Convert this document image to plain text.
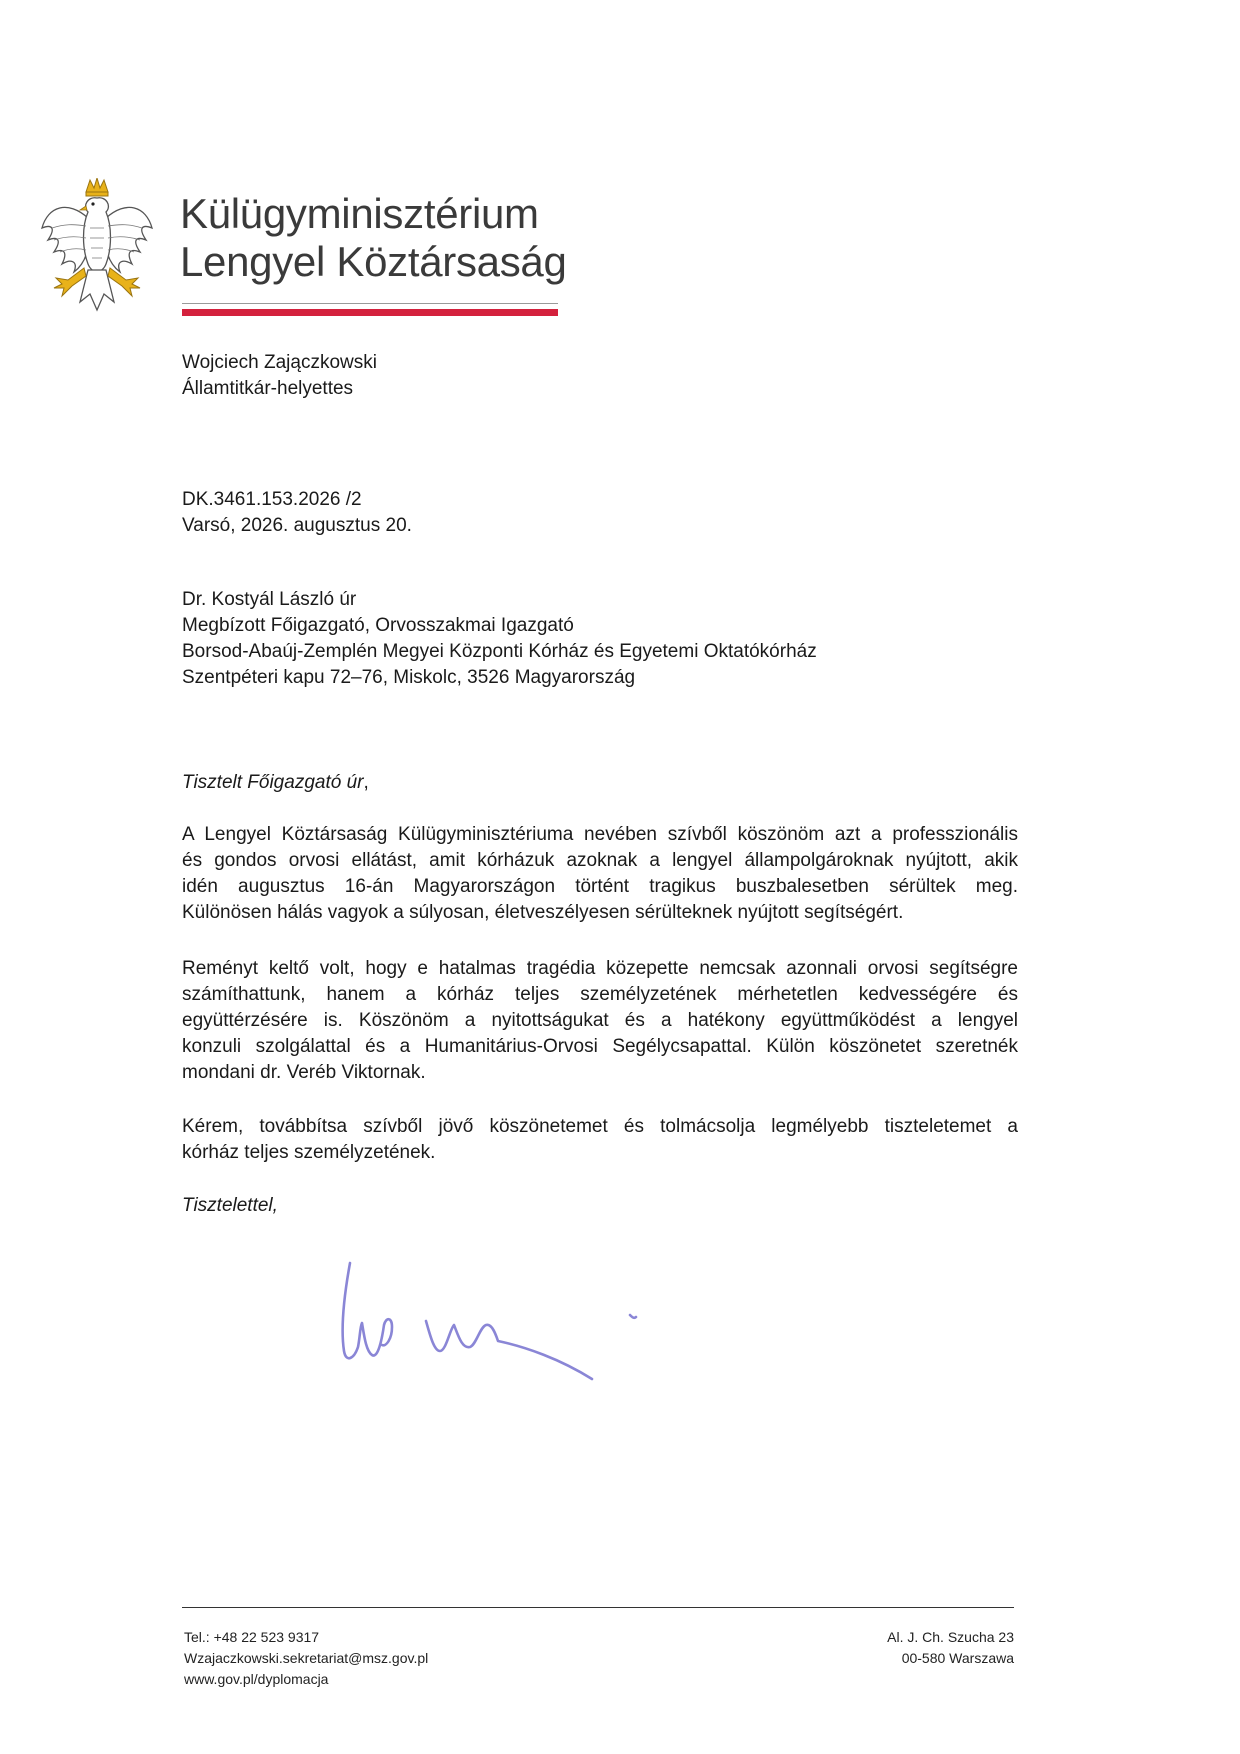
Külügyminisztérium
Lengyel Köztársaság
Wojciech Zajączkowski
Államtitkár-helyettes
DK.3461.153.2026 /2
Varsó, 2026. augusztus 20.
Dr. Kostyál László úr
Megbízott Főigazgató, Orvosszakmai Igazgató
Borsod-Abaúj-Zemplén Megyei Központi Kórház és Egyetemi Oktatókórház
Szentpéteri kapu 72–76, Miskolc, 3526 Magyarország
Tisztelt Főigazgató úr,
A Lengyel Köztársaság Külügyminisztériuma nevében szívből köszönöm azt a professzionális
és gondos orvosi ellátást, amit kórházuk azoknak a lengyel állampolgároknak nyújtott, akik
idén augusztus 16-án Magyarországon történt tragikus buszbalesetben sérültek meg.
Különösen hálás vagyok a súlyosan, életveszélyesen sérülteknek nyújtott segítségért.
Reményt keltő volt, hogy e hatalmas tragédia közepette nemcsak azonnali orvosi segítségre
számíthattunk, hanem a kórház teljes személyzetének mérhetetlen kedvességére és
együttérzésére is. Köszönöm a nyitottságukat és a hatékony együttműködést a lengyel
konzuli szolgálattal és a Humanitárius-Orvosi Segélycsapattal. Külön köszönetet szeretnék
mondani dr. Veréb Viktornak.
Kérem, továbbítsa szívből jövő köszönetemet és tolmácsolja legmélyebb tiszteletemet a
kórház teljes személyzetének.
Tisztelettel,
Tel.: +48 22 523 9317
Wzajaczkowski.sekretariat@msz.gov.pl
www.gov.pl/dyplomacja
Al. J. Ch. Szucha 23
00-580 Warszawa
